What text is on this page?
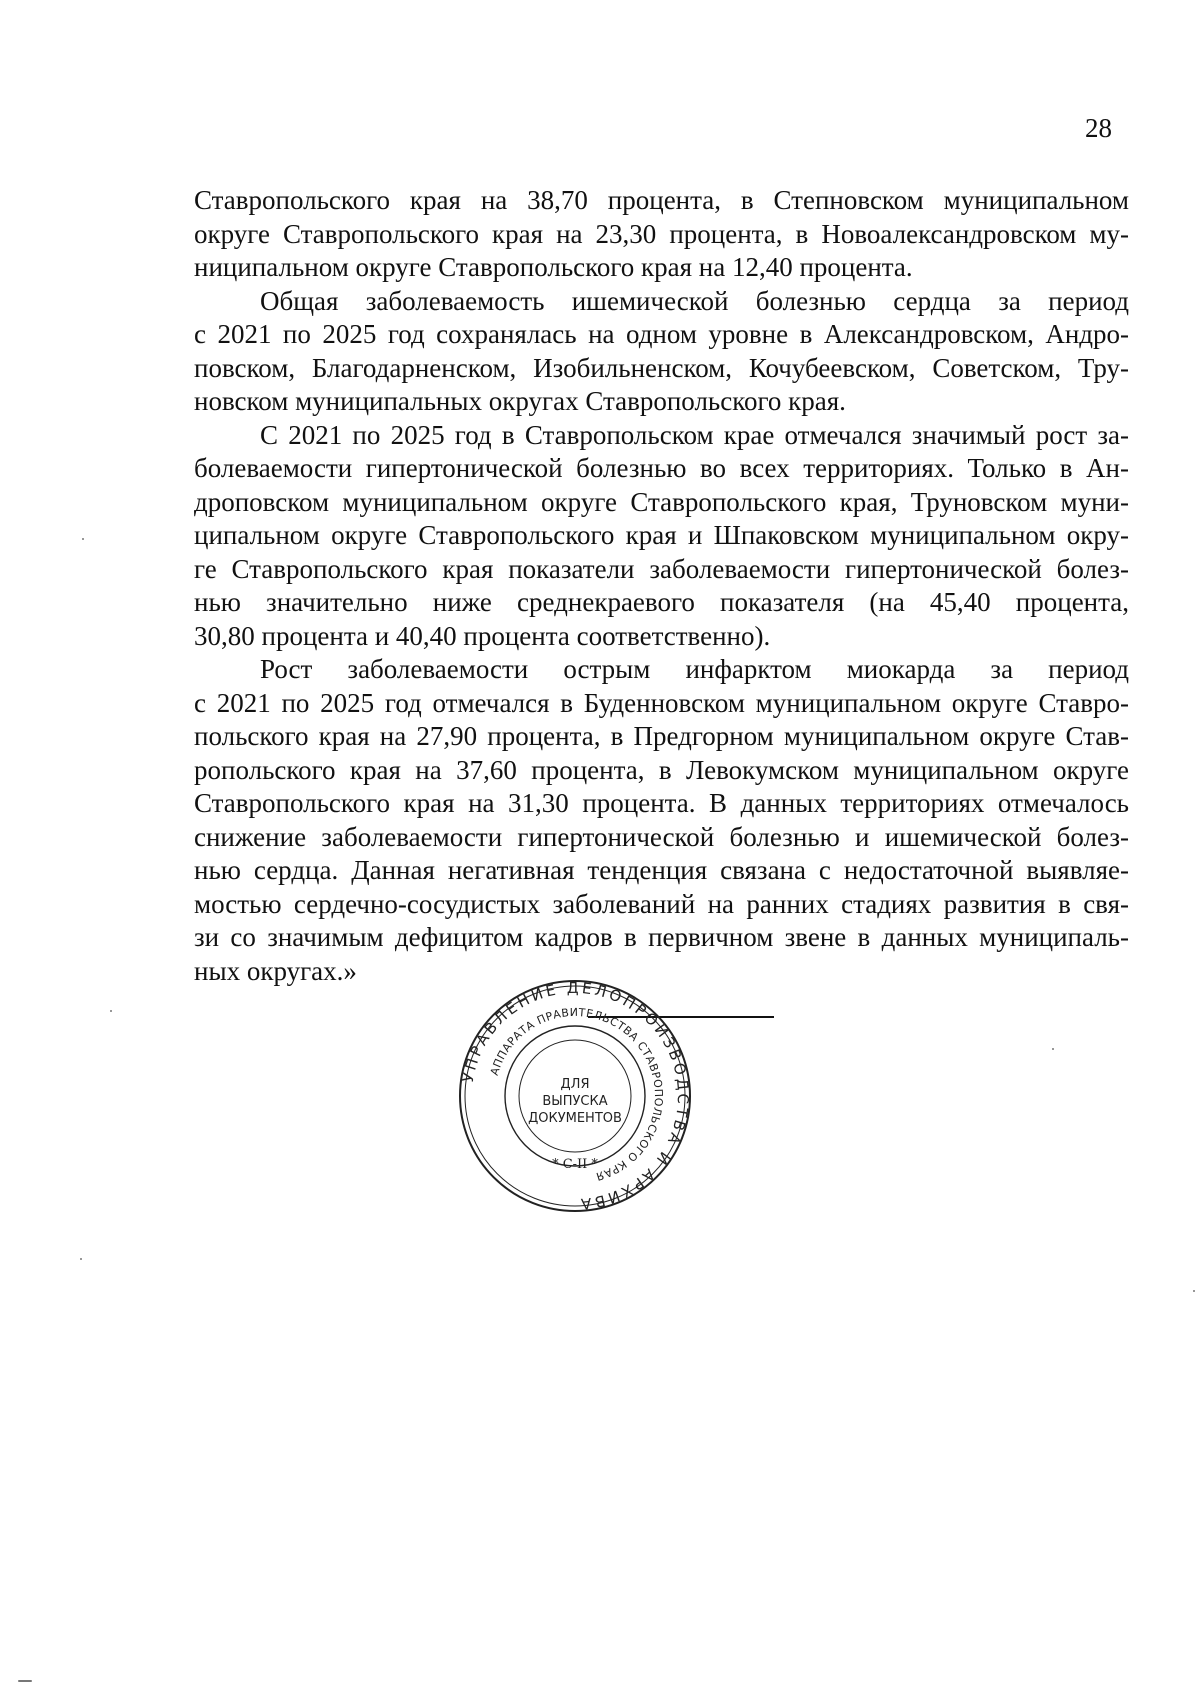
28
Ставропольского края на 38,70 процента, в Степновском муниципальном
округе Ставропольского края на 23,30 процента, в Новоалександровском му-
ниципальном округе Ставропольского края на 12,40 процента.
Общая заболеваемость ишемической болезнью сердца за период
с 2021 по 2025 год сохранялась на одном уровне в Александровском, Андро-
повском, Благодарненском, Изобильненском, Кочубеевском, Советском, Тру-
новском муниципальных округах Ставропольского края.
С 2021 по 2025 год в Ставропольском крае отмечался значимый рост за-
болеваемости гипертонической болезнью во всех территориях. Только в Ан-
дроповском муниципальном округе Ставропольского края, Труновском муни-
ципальном округе Ставропольского края и Шпаковском муниципальном окру-
ге Ставропольского края показатели заболеваемости гипертонической болез-
нью значительно ниже среднекраевого показателя (на 45,40 процента,
30,80 процента и 40,40 процента соответственно).
Рост заболеваемости острым инфарктом миокарда за период
с 2021 по 2025 год отмечался в Буденновском муниципальном округе Ставро-
польского края на 27,90 процента, в Предгорном муниципальном округе Став-
ропольского края на 37,60 процента, в Левокумском муниципальном округе
Ставропольского края на 31,30 процента. В данных территориях отмечалось
снижение заболеваемости гипертонической болезнью и ишемической болез-
нью сердца. Данная негативная тенденция связана с недостаточной выявляе-
мостью сердечно-сосудистых заболеваний на ранних стадиях развития в свя-
зи со значимым дефицитом кадров в первичном звене в данных муниципаль-
ных округах.»
УПРАВЛЕНИЕ ДЕЛОПРОИЗВОДСТВА И АРХИВА
АППАРАТА ПРАВИТЕЛЬСТВА СТАВРОПОЛЬСКОГО КРАЯ
ДЛЯ
ВЫПУСКА
ДОКУМЕНТОВ
* С-II *
